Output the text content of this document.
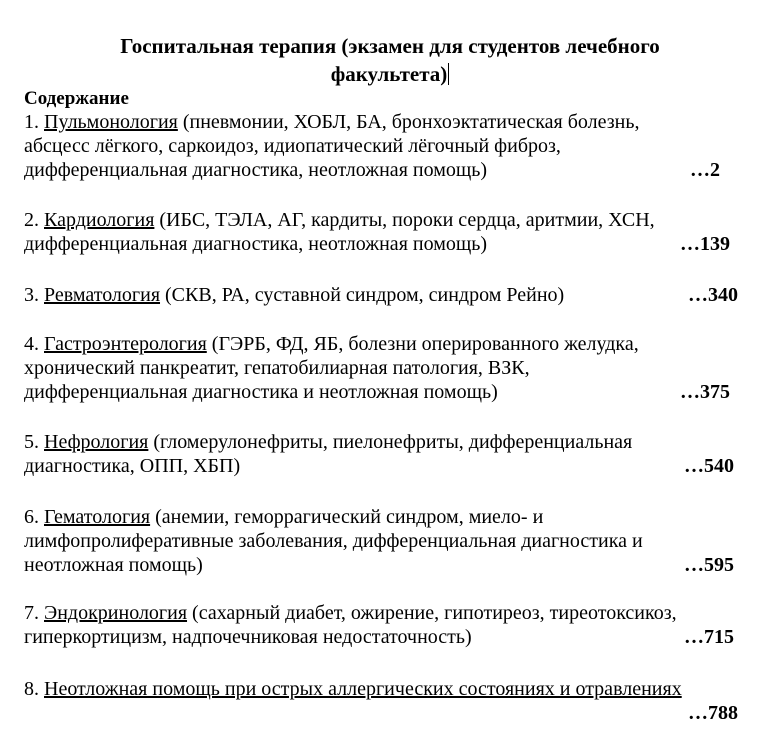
Госпитальная терапия (экзамен для студентов лечебного
факультета)
Содержание
1. Пульмонология (пневмонии, ХОБЛ, БА, бронхоэктатическая болезнь,
абсцесс лёгкого, саркоидоз, идиопатический лёгочный фиброз,
дифференциальная диагностика, неотложная помощь)	…2
2. Кардиология (ИБС, ТЭЛА, АГ, кардиты, пороки сердца, аритмии, ХСН,
дифференциальная диагностика, неотложная помощь)	…139
3. Ревматология (СКВ, РА, суставной синдром, синдром Рейно)	…340
4. Гастроэнтерология (ГЭРБ, ФД, ЯБ, болезни оперированного желудка,
хронический панкреатит, гепатобилиарная патология, ВЗК,
дифференциальная диагностика и неотложная помощь)	…375
5. Нефрология (гломерулонефриты, пиелонефриты, дифференциальная
диагностика, ОПП, ХБП)	…540
6. Гематология (анемии, геморрагический синдром, миело- и
лимфопролиферативные заболевания, дифференциальная диагностика и
неотложная помощь)	…595
7. Эндокринология (сахарный диабет, ожирение, гипотиреоз, тиреотоксикоз,
гиперкортицизм, надпочечниковая недостаточность)	…715
8. Неотложная помощь при острых аллергических состояниях и отравлениях
…788
